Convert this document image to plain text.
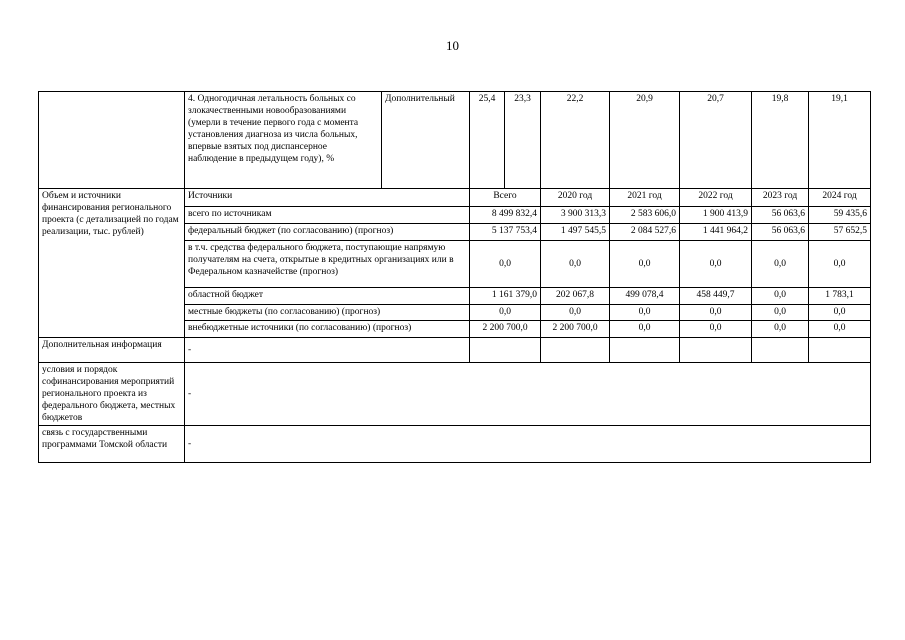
10
	4. Одногодичная летальность больных со злокачественными новообразованиями (умерли в течение первого года с момента установления диагноза из числа больных, впервые взятых под диспансерное наблюдение в предыдущем году), %	Дополнительный	25,4	23,3	22,2	20,9	20,7	19,8	19,1
Объем и источники финансирования регионального проекта (с детализацией по годам реализации, тыс. рублей)	Источники		Всего		2020 год	2021 год	2022 год	2023 год	2024 год
	всего по источникам		8 499 832,4		3 900 313,3	2 583 606,0	1 900 413,9	56 063,6	59 435,6
	федеральный бюджет (по согласованию) (прогноз)		5 137 753,4		1 497 545,5	2 084 527,6	1 441 964,2	56 063,6	57 652,5
	в т.ч. средства федерального бюджета, поступающие напрямую получателям на счета, открытые в кредитных организациях или в Федеральном казначействе (прогноз)		0,0		0,0	0,0	0,0	0,0	0,0
	областной бюджет		1 161 379,0		202 067,8	499 078,4	458 449,7	0,0	1 783,1
	местные бюджеты (по согласованию) (прогноз)		0,0		0,0	0,0	0,0	0,0	0,0
	внебюджетные источники (по согласованию) (прогноз)		2 200 700,0		2 200 700,0	0,0	0,0	0,0	0,0
Дополнительная информация	-								
условия и порядок софинансирования мероприятий регионального проекта из федерального бюджета, местных бюджетов	-								
связь с государственными программами Томской области	-								
